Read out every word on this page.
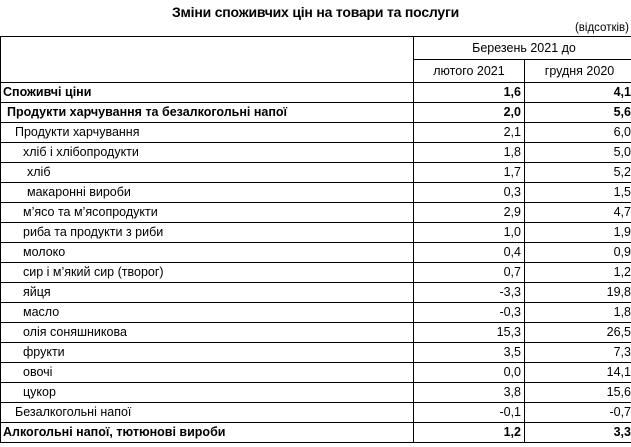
Зміни споживчих цін на товари та послуги
(відсотків)
	Березень 2021 до	
	лютого 2021	грудня 2020
Споживчі ціни	1,6	4,1
Продукти харчування та безалкогольні напої	2,0	5,6
Продукти харчування	2,1	6,0
хліб і хлібопродукти	1,8	5,0
хліб	1,7	5,2
макаронні вироби	0,3	1,5
м’ясо та м’ясопродукти	2,9	4,7
риба та продукти з риби	1,0	1,9
молоко	0,4	0,9
сир і м’який сир (творог)	0,7	1,2
яйця	-3,3	19,8
масло	-0,3	1,8
олія соняшникова	15,3	26,5
фрукти	3,5	7,3
овочі	0,0	14,1
цукор	3,8	15,6
Безалкогольні напої	-0,1	-0,7
Алкогольні напої, тютюнові вироби	1,2	3,3
